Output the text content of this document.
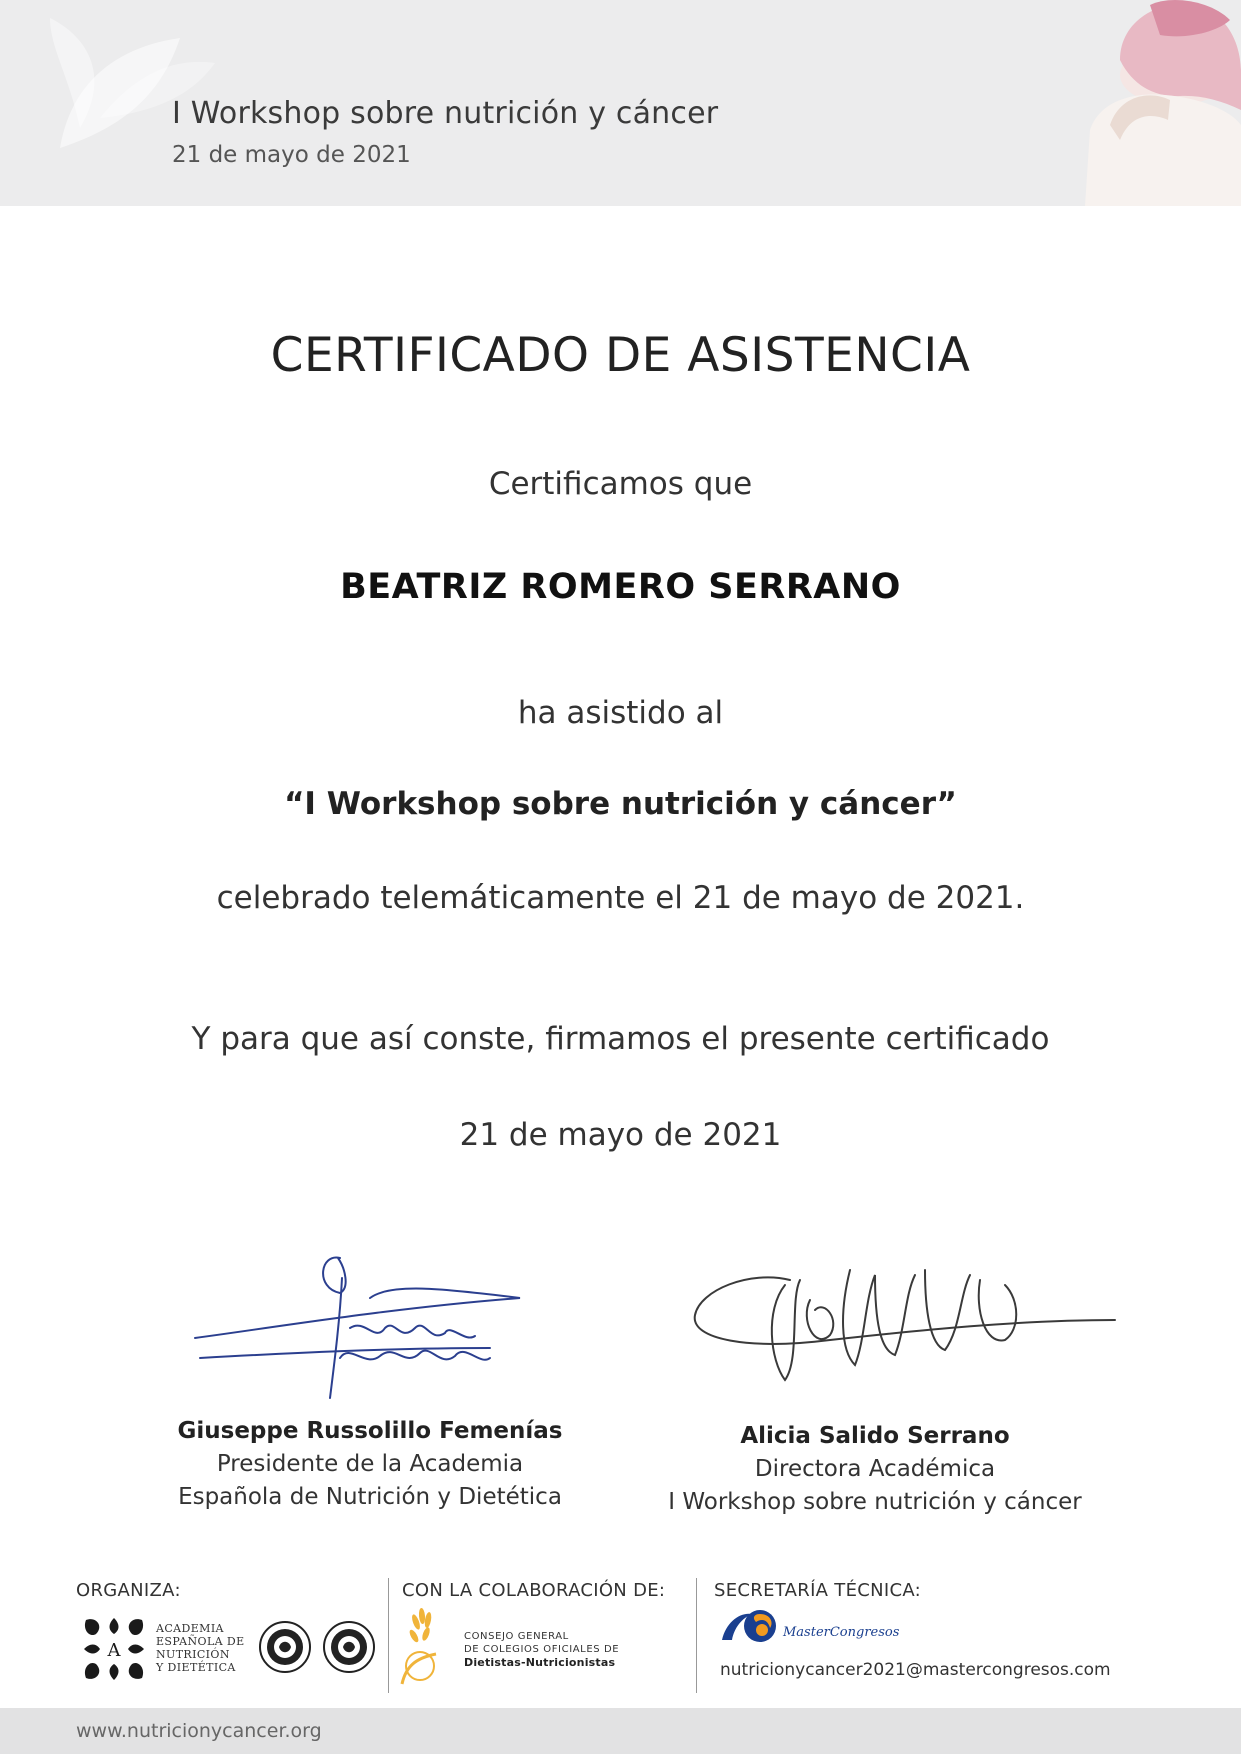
I Workshop sobre nutrición y cáncer
21 de mayo de 2021
CERTIFICADO DE ASISTENCIA
Certificamos que
BEATRIZ ROMERO SERRANO
ha asistido al
“I Workshop sobre nutrición y cáncer”
celebrado telemáticamente el 21 de mayo de 2021.
Y para que así conste, firmamos el presente certificado
21 de mayo de 2021
Giuseppe Russolillo Femenías
Presidente de la Academia
Española de Nutrición y Dietética
Alicia Salido Serrano
Directora Académica
I Workshop sobre nutrición y cáncer
ORGANIZA:	CON LA COLABORACIÓN DE:	SECRETARÍA TÉCNICA:
A
ACADEMIA
ESPAÑOLA DE
NUTRICIÓN
Y DIETÉTICA
CONSEJO GENERAL
DE COLEGIOS OFICIALES DE
Dietistas-Nutricionistas
MasterCongresos
nutricionycancer2021@mastercongresos.com
www.nutricionycancer.org
